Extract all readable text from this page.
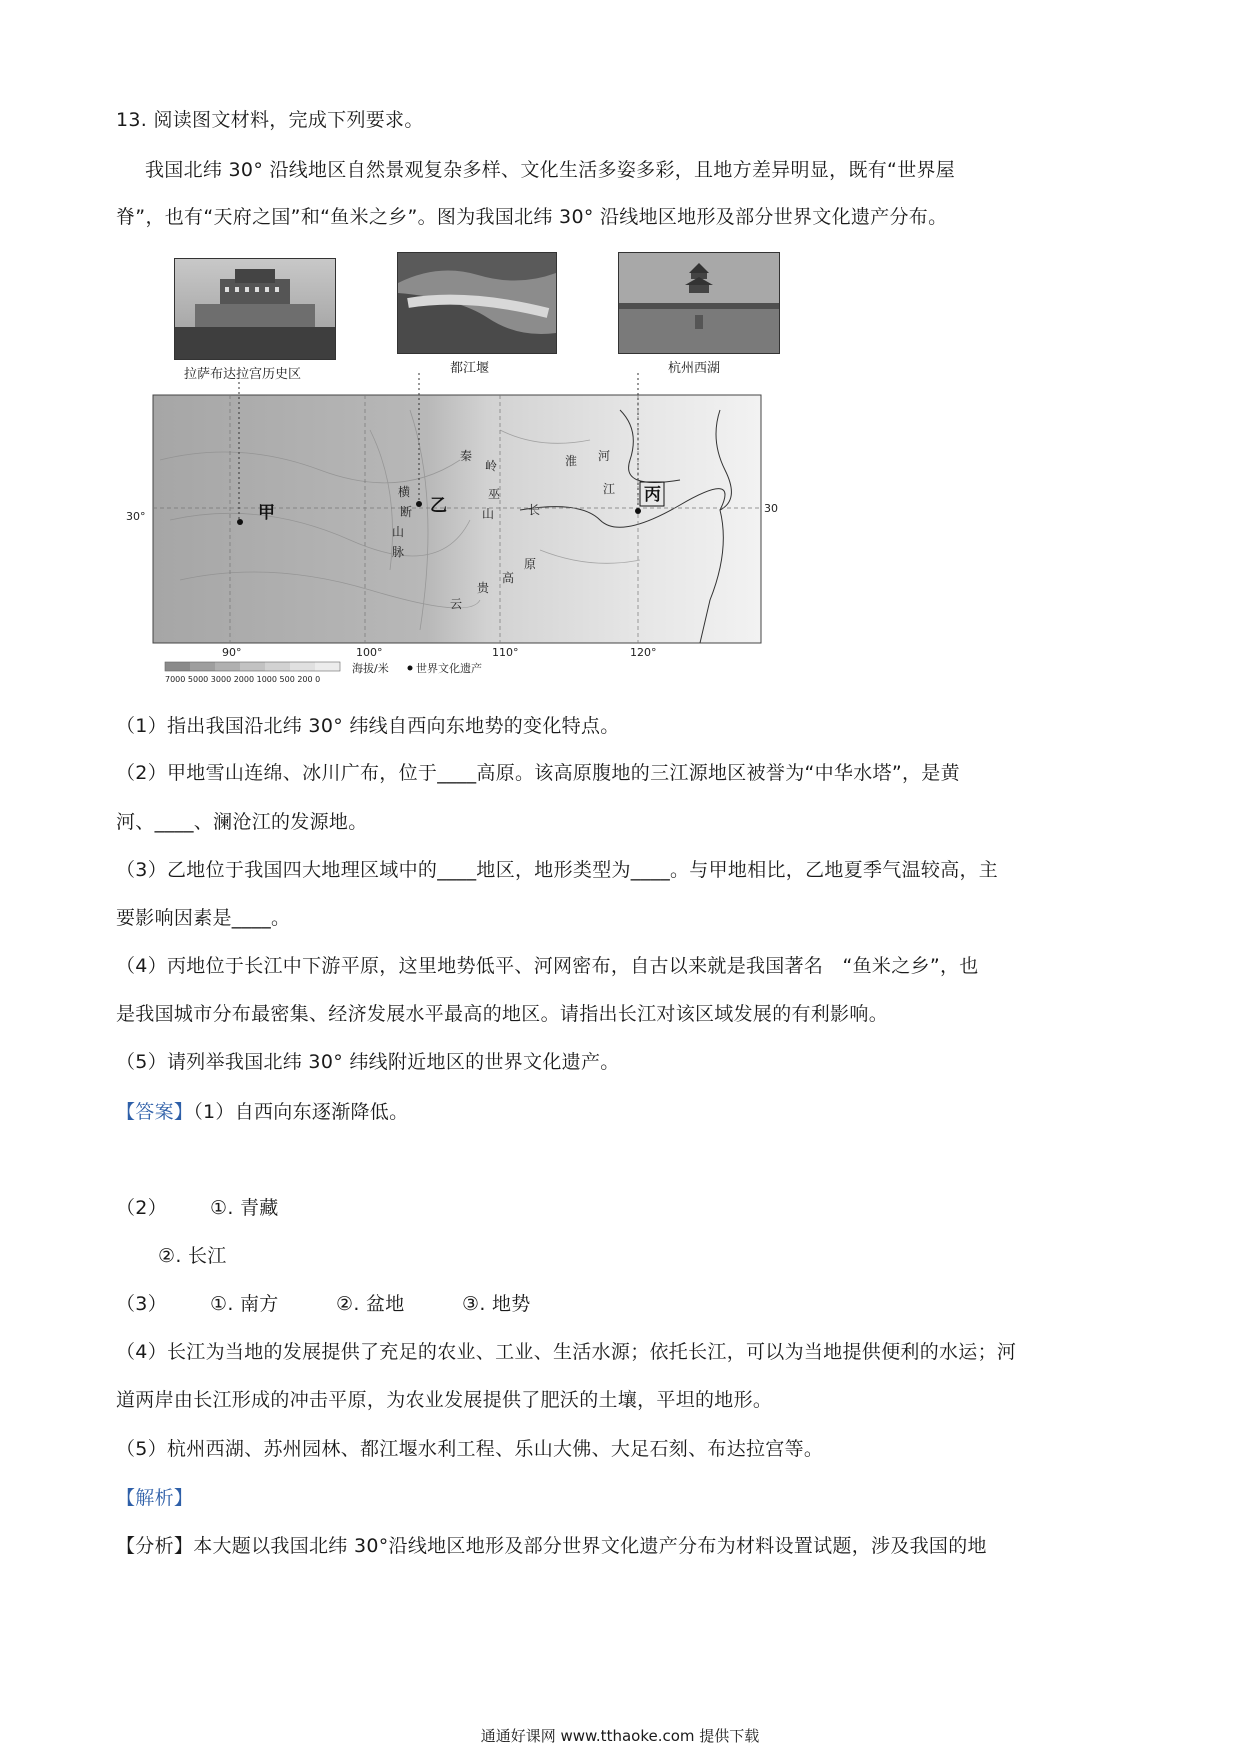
13. 阅读图文材料，完成下列要求。
我国北纬 30° 沿线地区自然景观复杂多样、文化生活多姿多彩，且地方差异明显，既有“世界屋
脊”，也有“天府之国”和“鱼米之乡”。图为我国北纬 30° 沿线地区地形及部分世界文化遗产分布。
拉萨布达拉宫历史区	都江堰	杭州西湖
甲	乙
丙
秦
岭	淮 河
横
断
山
脉
巫
山	长
江
云
贵
高
原
30°
30
90°	100°	110°	120°
7000 5000 3000 2000 1000 500 200 0
海拔/米 世界文化遗产
（1）指出我国沿北纬 30° 纬线自西向东地势的变化特点。
（2）甲地雪山连绵、冰川广布，位于____高原。该高原腹地的三江源地区被誉为“中华水塔”，是黄
河、____、澜沧江的发源地。
（3）乙地位于我国四大地理区域中的____地区，地形类型为____。与甲地相比，乙地夏季气温较高，主
要影响因素是____。
（4）丙地位于长江中下游平原，这里地势低平、河网密布，自古以来就是我国著名　“鱼米之乡”，也
是我国城市分布最密集、经济发展水平最高的地区。请指出长江对该区域发展的有利影响。
（5）请列举我国北纬 30° 纬线附近地区的世界文化遗产。
【答案】（1）自西向东逐渐降低。
（2） ①. 青藏
②. 长江
（3） ①. 南方	②. 盆地	③. 地势
（4）长江为当地的发展提供了充足的农业、工业、生活水源；依托长江，可以为当地提供便利的水运；河
道两岸由长江形成的冲击平原，为农业发展提供了肥沃的土壤，平坦的地形。
（5）杭州西湖、苏州园林、都江堰水利工程、乐山大佛、大足石刻、布达拉宫等。
【解析】
【分析】本大题以我国北纬 30°沿线地区地形及部分世界文化遗产分布为材料设置试题，涉及我国的地
通通好课网 www.tthaoke.com 提供下载
